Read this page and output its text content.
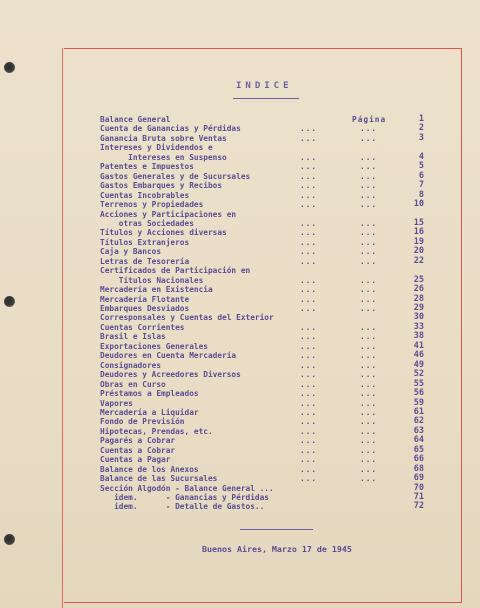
INDICE
Balance General	Página	1
Cuenta de Ganancias y Pérdidas	...	...	2
Ganancia Bruta sobre Ventas	...	...	3
Intereses y Dividendos e
Intereses en Suspenso	...	...	4
Patentes e Impuestos	...	...	5
Gastos Generales y de Sucursales	...	...	6
Gastos Embarques y Recibos	...	...	7
Cuentas Incobrables	...	...	8
Terrenos y Propiedades	...	...	10
Acciones y Participaciones en
otras Sociedades	...	...	15
Títulos y Acciones diversas	...	...	16
Títulos Extranjeros	...	...	19
Caja y Bancos	...	...	20
Letras de Tesorería	...	...	22
Certificados de Participación en
Títulos Nacionales	...	...	25
Mercadería en Existencia	...	...	26
Mercadería Flotante	...	...	28
Embarques Desviados	...	...	29
Corresponsales y Cuentas del Exterior	30
Cuentas Corrientes	...	...	33
Brasil e Islas	...	...	38
Exportaciones Generales	...	...	41
Deudores en Cuenta Mercadería	...	...	46
Consignadores	...	...	49
Deudores y Acreedores Diversos	...	...	52
Obras en Curso	...	...	55
Préstamos a Empleados	...	...	56
Vapores	...	...	59
Mercadería a Liquidar	...	...	61
Fondo de Previsión	...	...	62
Hipotecas, Prendas, etc.	...	...	63
Pagarés a Cobrar	...	...	64
Cuentas a Cobrar	...	...	65
Cuentas a Pagar	...	...	66
Balance de los Anexos	...	...	68
Balance de las Sucursales	...	...	69
Sección Algodón - Balance General ...	70
idem.      - Ganancias y Pérdidas	71
idem.      - Detalle de Gastos..	72
Buenos Aires, Marzo 17 de 1945
